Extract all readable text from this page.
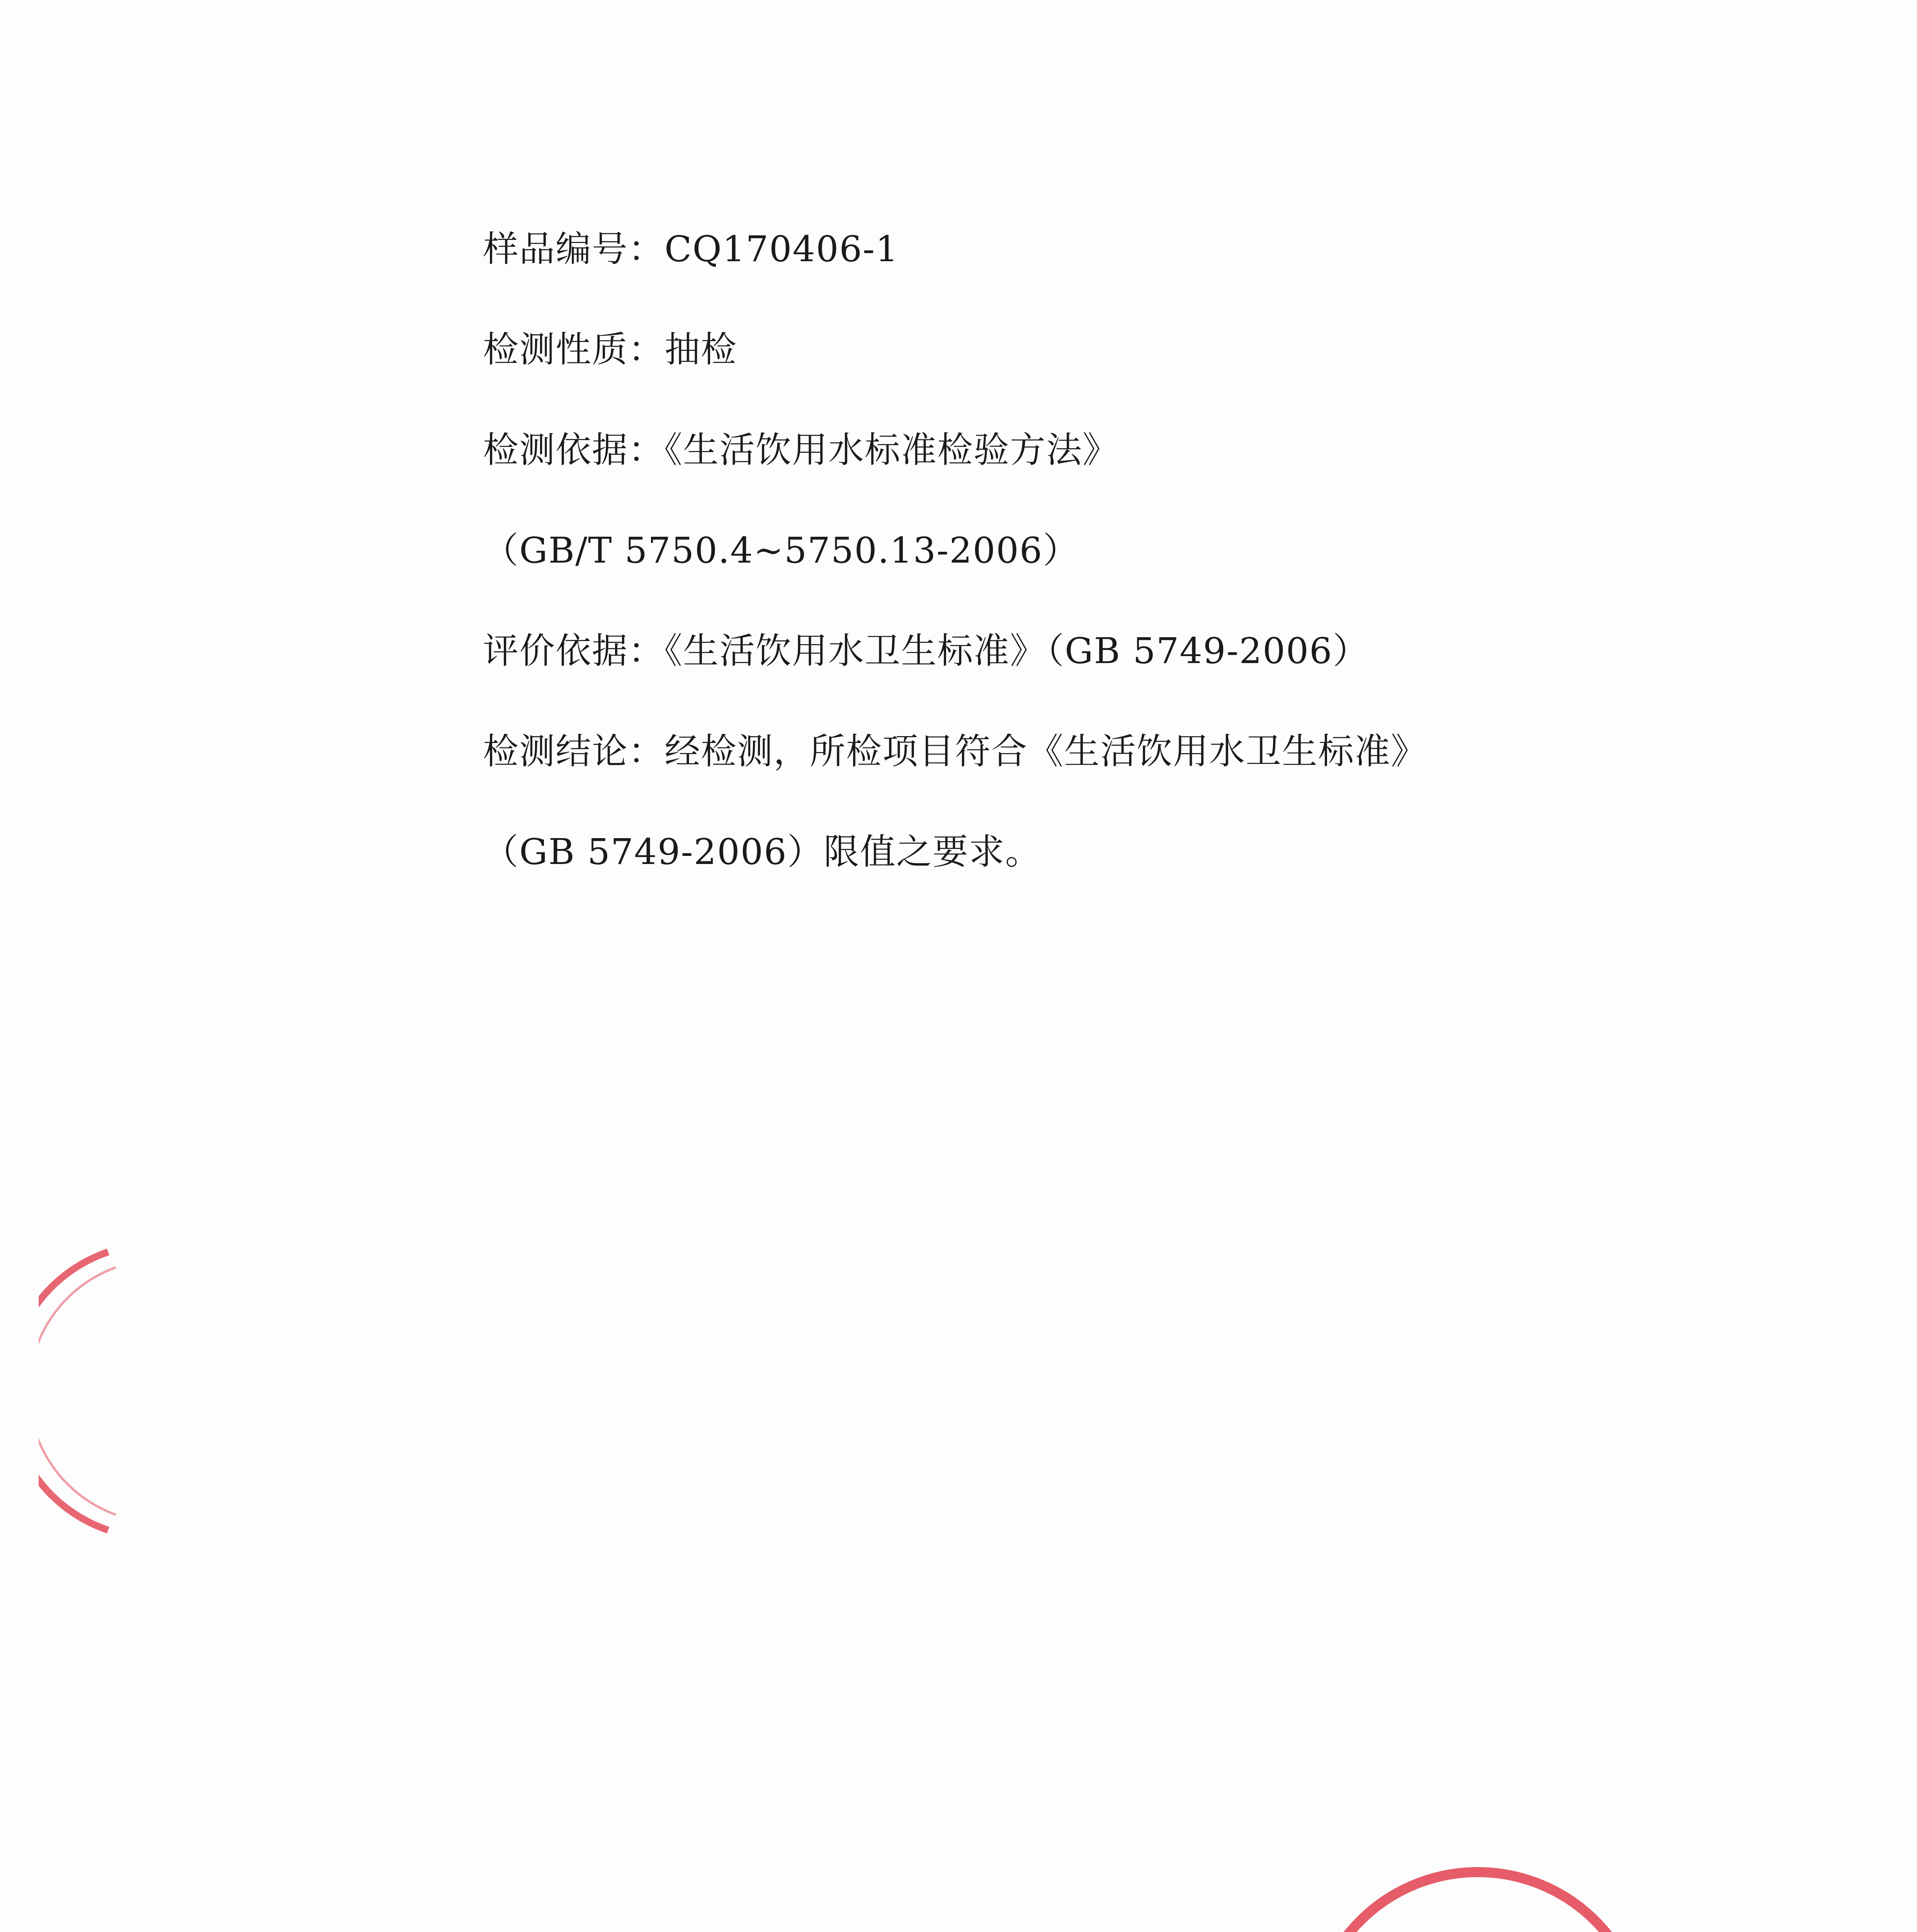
样品编号：CQ170406-1
检测性质：抽检
检测依据：《生活饮用水标准检验方法》
（GB/T 5750.4~5750.13-2006）
评价依据：《生活饮用水卫生标准》（GB 5749-2006）
检测结论：经检测，所检项目符合《生活饮用水卫生标准》
（GB 5749-2006）限值之要求。
